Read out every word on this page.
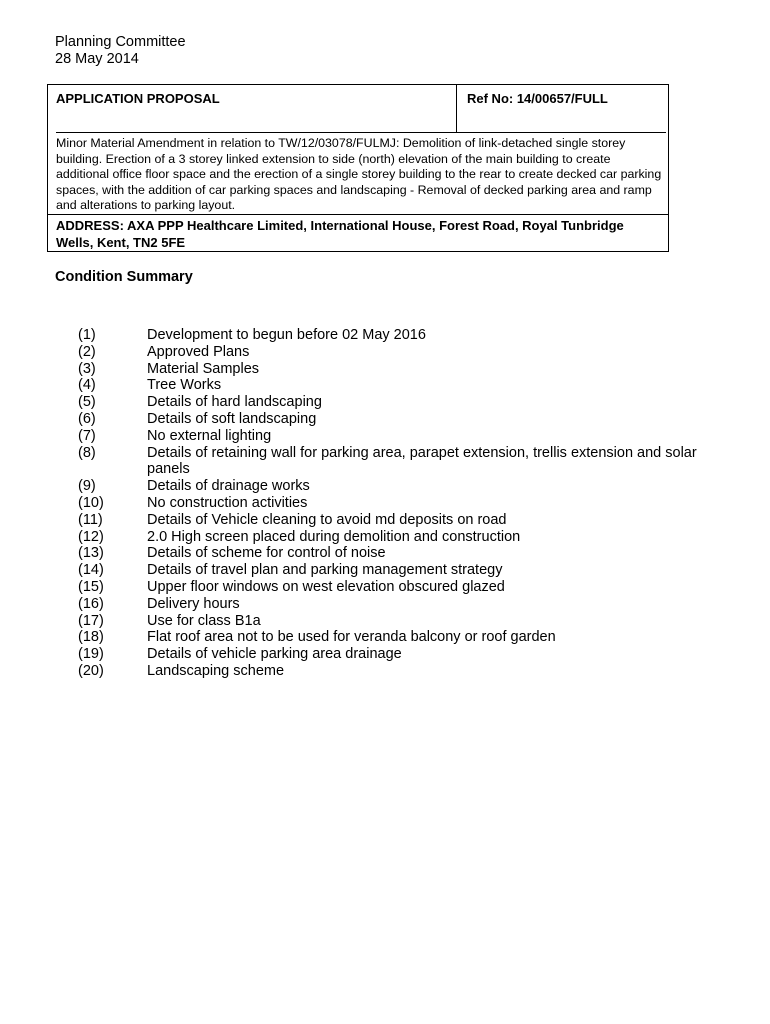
Planning Committee
28 May 2014
APPLICATION PROPOSAL	Ref No: 14/00657/FULL
Minor Material Amendment in relation to TW/12/03078/FULMJ: Demolition of link-detached single storey building. Erection of a 3 storey linked extension to side (north) elevation of the main building to create additional office floor space and the erection of a single storey building to the rear to create decked car parking spaces, with the addition of car parking spaces and landscaping - Removal of decked parking area and ramp and alterations to parking layout.
ADDRESS: AXA PPP Healthcare Limited, International House, Forest Road, Royal Tunbridge Wells, Kent, TN2 5FE
Condition Summary
(1)	Development to begun before 02 May 2016
(2)	Approved Plans
(3)	Material Samples
(4)	Tree Works
(5)	Details of hard landscaping
(6)	Details of soft landscaping
(7)	No external lighting
(8)	Details of retaining wall for parking area, parapet extension, trellis extension and solar panels
(9)	Details of drainage works
(10)	No construction activities
(11)	Details of Vehicle cleaning to avoid md deposits on road
(12)	2.0 High screen placed during demolition and construction
(13)	Details of scheme for control of noise
(14)	Details of travel plan and parking management strategy
(15)	Upper floor windows on west elevation obscured glazed
(16)	Delivery hours
(17)	Use for class B1a
(18)	Flat roof area not to be used for veranda balcony or roof garden
(19)	Details of vehicle parking area drainage
(20)	Landscaping scheme
